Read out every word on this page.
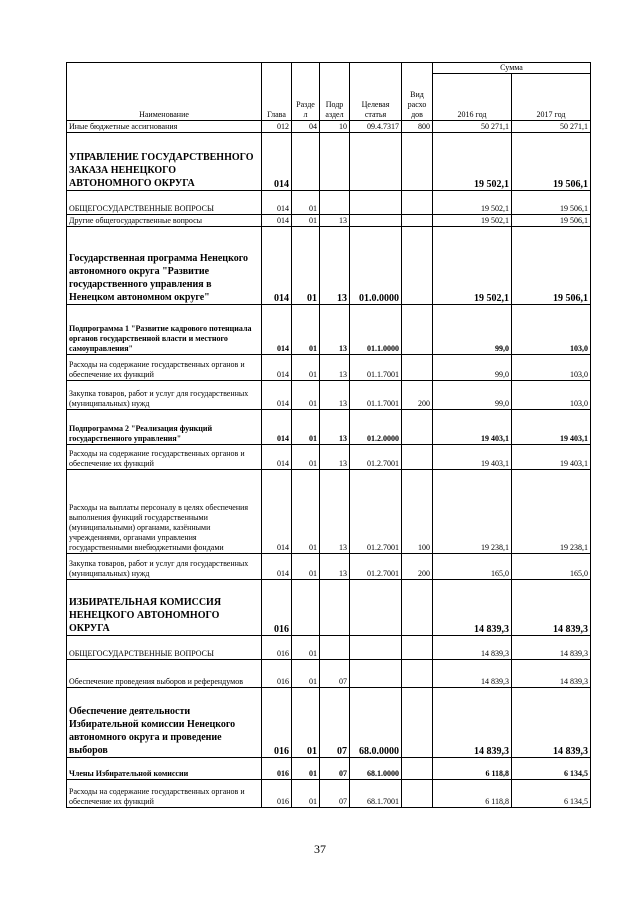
Наименование	Глава	Разде л	Подр аздел	Целевая статья	Вид расхо дов	Сумма	
						2016 год	2017 год
Иные бюджетные ассигнования	012	04	10	09.4.7317	800	50 271,1	50 271,1
УПРАВЛЕНИЕ ГОСУДАРСТВЕННОГО ЗАКАЗА НЕНЕЦКОГО АВТОНОМНОГО ОКРУГА	014					19 502,1	19 506,1
ОБЩЕГОСУДАРСТВЕННЫЕ ВОПРОСЫ	014	01				19 502,1	19 506,1
Другие общегосударственные вопросы	014	01	13			19 502,1	19 506,1
Государственная программа Ненецкого автономного округа "Развитие государственного управления в Ненецком автономном округе"	014	01	13	01.0.0000		19 502,1	19 506,1
Подпрограмма 1 "Развитие кадрового потенциала органов государственной власти и местного самоуправления"	014	01	13	01.1.0000		99,0	103,0
Расходы на содержание государственных органов и обеспечение их функций	014	01	13	01.1.7001		99,0	103,0
Закупка товаров, работ и услуг для государственных (муниципальных) нужд	014	01	13	01.1.7001	200	99,0	103,0
Подпрограмма 2 "Реализация функций государственного управления"	014	01	13	01.2.0000		19 403,1	19 403,1
Расходы на содержание государственных органов и обеспечение их функций	014	01	13	01.2.7001		19 403,1	19 403,1
Расходы на выплаты персоналу в целях обеспечения выполнения функций государственными (муниципальными) органами, казёнными учреждениями, органами управления государственными внебюджетными фондами	014	01	13	01.2.7001	100	19 238,1	19 238,1
Закупка товаров, работ и услуг для государственных (муниципальных) нужд	014	01	13	01.2.7001	200	165,0	165,0
ИЗБИРАТЕЛЬНАЯ КОМИССИЯ НЕНЕЦКОГО АВТОНОМНОГО ОКРУГА	016					14 839,3	14 839,3
ОБЩЕГОСУДАРСТВЕННЫЕ ВОПРОСЫ	016	01				14 839,3	14 839,3
Обеспечение проведения выборов и референдумов	016	01	07			14 839,3	14 839,3
Обеспечение деятельности Избирательной комиссии Ненецкого автономного округа и проведение выборов	016	01	07	68.0.0000		14 839,3	14 839,3
Члены Избирательной комиссии	016	01	07	68.1.0000		6 118,8	6 134,5
Расходы на содержание государственных органов и обеспечение их функций	016	01	07	68.1.7001		6 118,8	6 134,5
37
